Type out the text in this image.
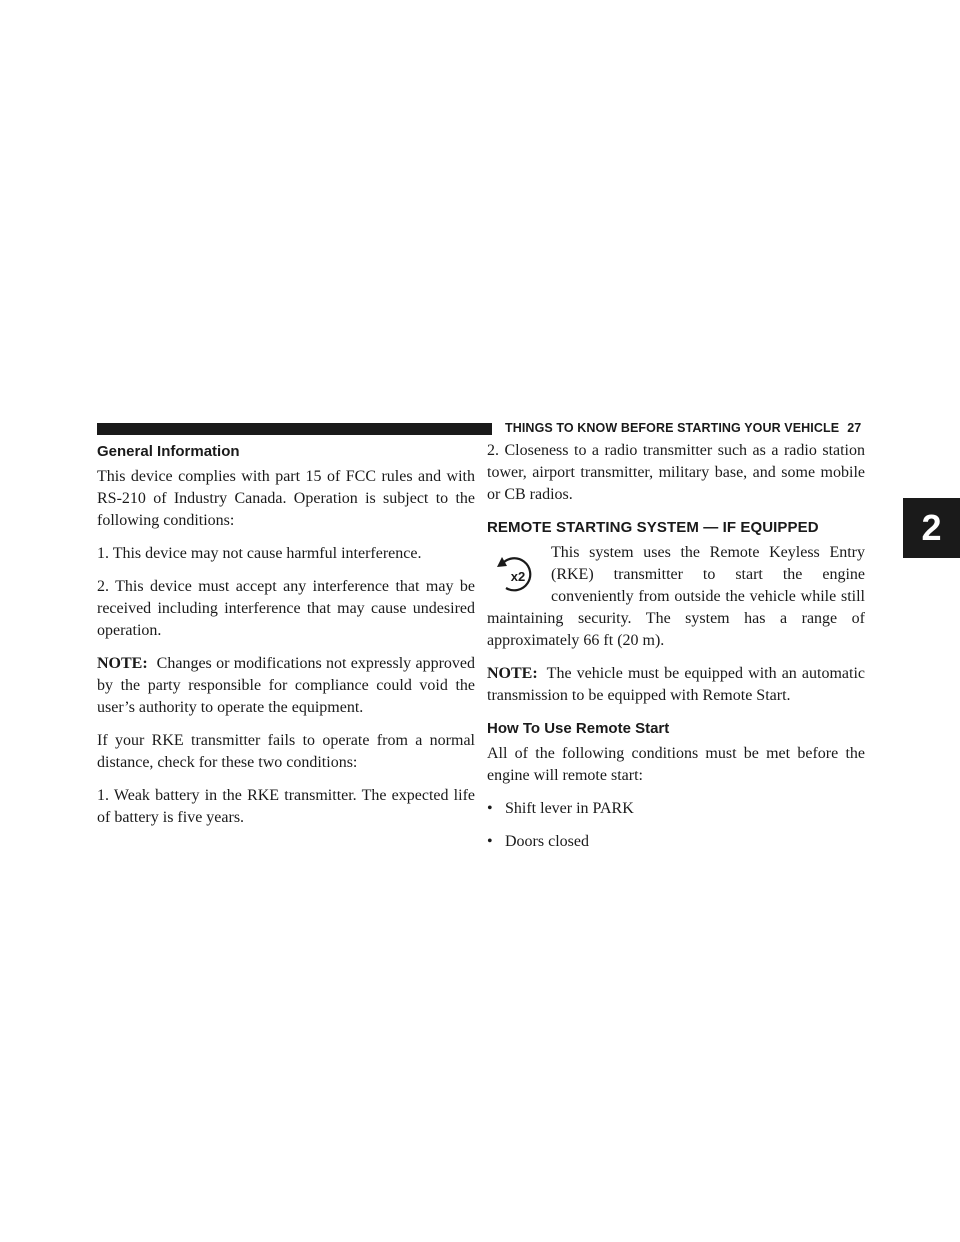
THINGS TO KNOW BEFORE STARTING YOUR VEHICLE 27
2
General Information

This device complies with part 15 of FCC rules and with RS-210 of Industry Canada. Operation is subject to the following conditions:

1. This device may not cause harmful interference.

2. This device must accept any interference that may be received including interference that may cause undesired operation.

NOTE: Changes or modifications not expressly approved by the party responsible for compliance could void the user’s authority to operate the equipment.

If your RKE transmitter fails to operate from a normal distance, check for these two conditions:

1. Weak battery in the RKE transmitter. The expected life of battery is five years.

2. Closeness to a radio transmitter such as a radio station tower, airport transmitter, military base, and some mobile or CB radios.

REMOTE STARTING SYSTEM — IF EQUIPPED
x2

This system uses the Remote Keyless Entry (RKE) transmitter to start the engine conveniently from outside the vehicle while still maintaining security. The system has a range of approximately 66 ft (20 m).

NOTE: The vehicle must be equipped with an automatic transmission to be equipped with Remote Start.

How To Use Remote Start

All of the following conditions must be met before the engine will remote start:

• Shift lever in PARK
• Doors closed
